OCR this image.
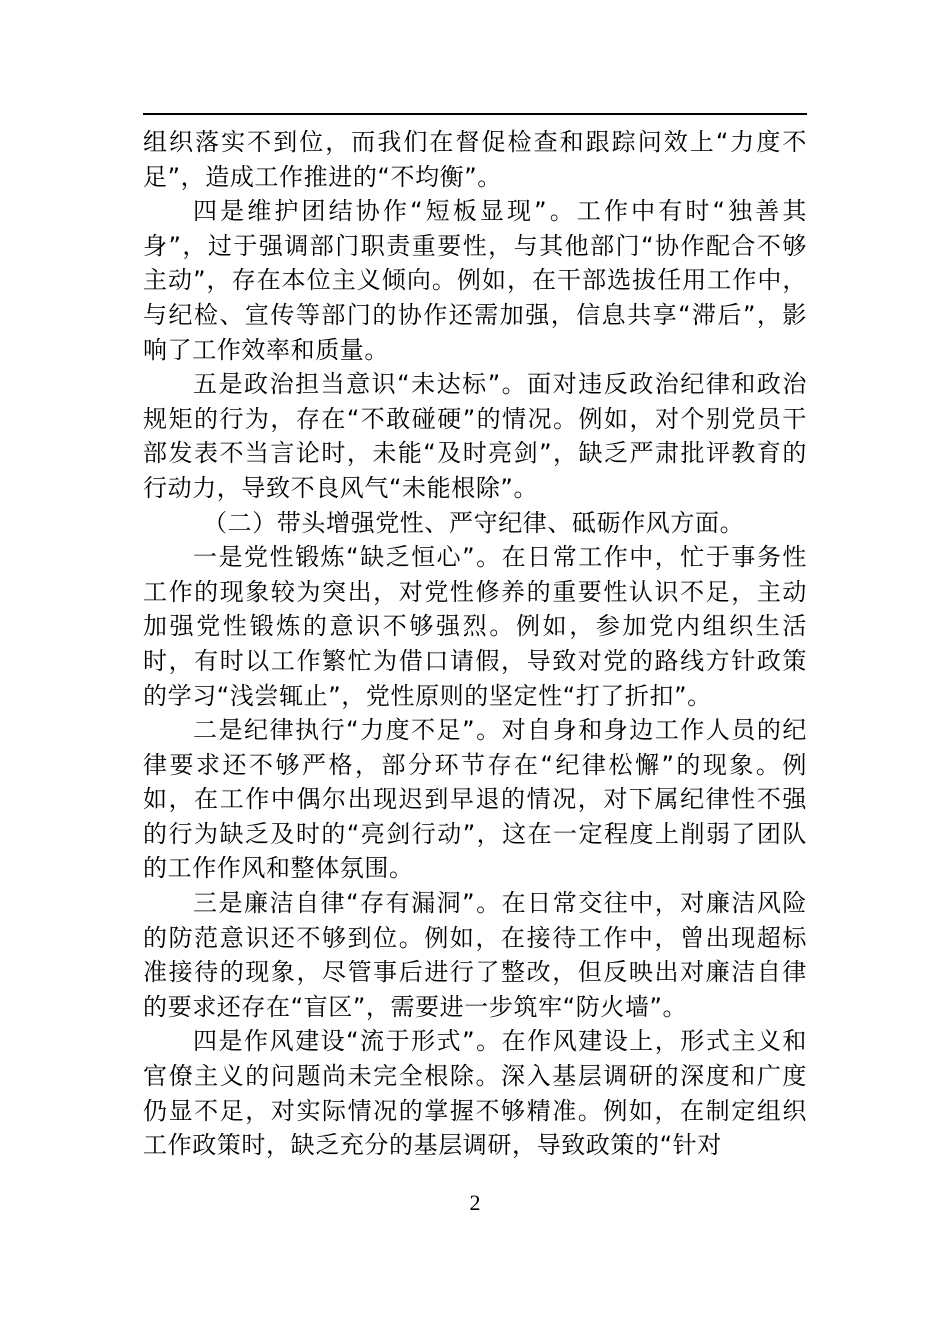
组织落实不到位，而我们在督促检查和跟踪问效上“力度不足”，造成工作推进的“不均衡”。

四是维护团结协作“短板显现”。工作中有时“独善其身”，过于强调部门职责重要性，与其他部门“协作配合不够主动”，存在本位主义倾向。例如，在干部选拔任用工作中，与纪检、宣传等部门的协作还需加强，信息共享“滞后”，影响了工作效率和质量。

五是政治担当意识“未达标”。面对违反政治纪律和政治规矩的行为，存在“不敢碰硬”的情况。例如，对个别党员干部发表不当言论时，未能“及时亮剑”，缺乏严肃批评教育的行动力，导致不良风气“未能根除”。

（二）带头增强党性、严守纪律、砥砺作风方面。

一是党性锻炼“缺乏恒心”。在日常工作中，忙于事务性工作的现象较为突出，对党性修养的重要性认识不足，主动加强党性锻炼的意识不够强烈。例如，参加党内组织生活时，有时以工作繁忙为借口请假，导致对党的路线方针政策的学习“浅尝辄止”，党性原则的坚定性“打了折扣”。

二是纪律执行“力度不足”。对自身和身边工作人员的纪律要求还不够严格，部分环节存在“纪律松懈”的现象。例如，在工作中偶尔出现迟到早退的情况，对下属纪律性不强的行为缺乏及时的“亮剑行动”，这在一定程度上削弱了团队的工作作风和整体氛围。

三是廉洁自律“存有漏洞”。在日常交往中，对廉洁风险的防范意识还不够到位。例如，在接待工作中，曾出现超标准接待的现象，尽管事后进行了整改，但反映出对廉洁自律的要求还存在“盲区”，需要进一步筑牢“防火墙”。

四是作风建设“流于形式”。在作风建设上，形式主义和官僚主义的问题尚未完全根除。深入基层调研的深度和广度仍显不足，对实际情况的掌握不够精准。例如，在制定组织工作政策时，缺乏充分的基层调研，导致政策的“针对

2
